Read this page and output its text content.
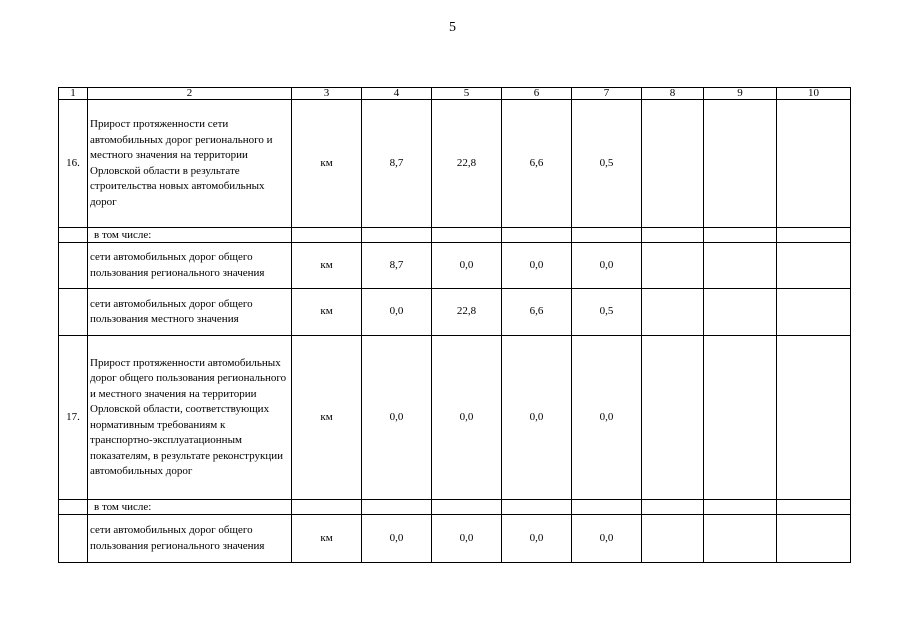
5
1	2	3	4	5	6	7	8	9	10
16.	Прирост протяженности сети автомобильных дорог регионального и местного значения на территории Орловской области в результате строительства новых автомобильных дорог	км	8,7	22,8	6,6	0,5			
	в том числе:								
	сети автомобильных дорог общего пользования регионального значения	км	8,7	0,0	0,0	0,0			
	сети автомобильных дорог общего пользования местного значения	км	0,0	22,8	6,6	0,5			
17.	Прирост протяженности автомобильных дорог общего пользования регионального и местного значения на территории Орловской области, соответствующих нормативным требованиям к транспортно-эксплуатационным показателям, в результате реконструкции автомобильных дорог	км	0,0	0,0	0,0	0,0			
	в том числе:								
	сети автомобильных дорог общего пользования регионального значения	км	0,0	0,0	0,0	0,0			
